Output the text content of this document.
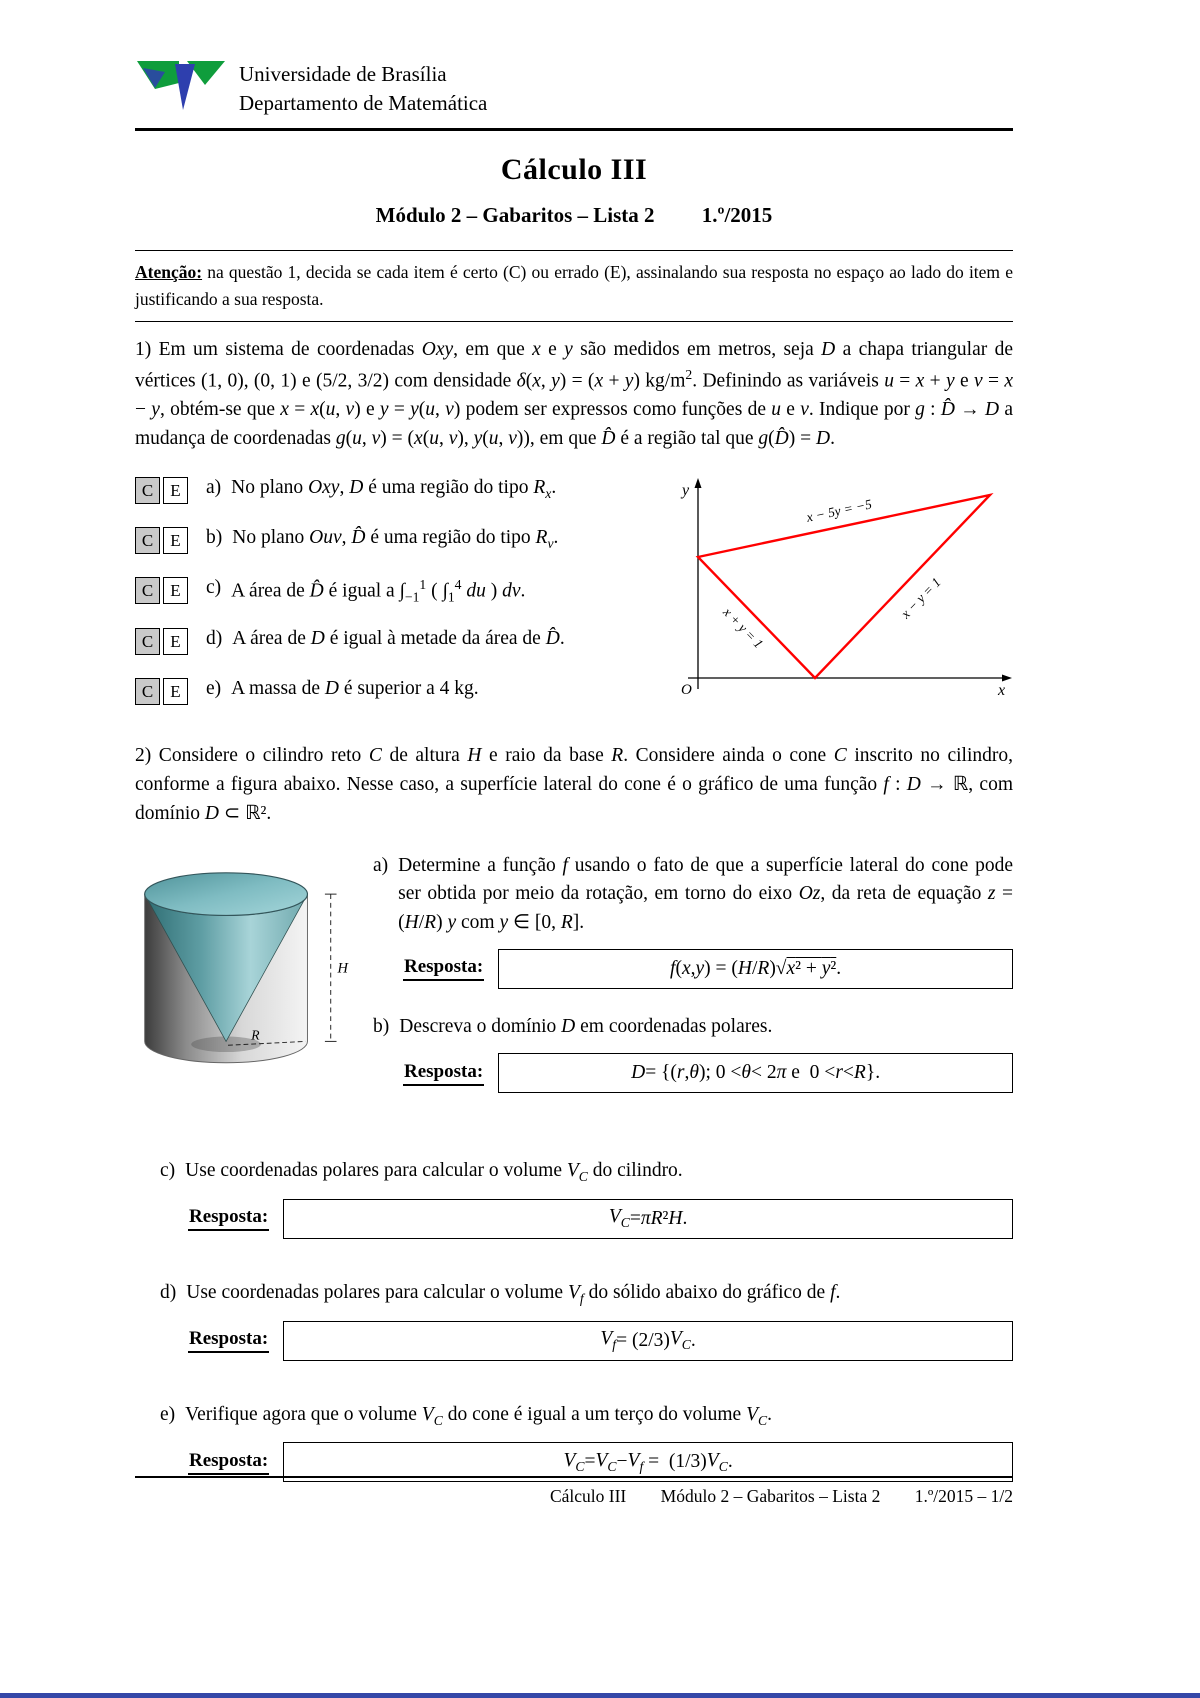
Universidade de Brasília
Departamento de Matemática
Cálculo III
Módulo 2 – Gabaritos – Lista 2 1.º/2015

Atenção: na questão 1, decida se cada item é certo (C) ou errado (E), assinalando sua resposta no espaço ao lado do item e justificando a sua resposta.

1) Em um sistema de coordenadas Oxy, em que x e y são medidos em metros, seja D a chapa triangular de vértices (1, 0), (0, 1) e (5/2, 3/2) com densidade δ(x, y) = (x + y) $kg/m^2$. Definindo as variáveis u = x + y e v = x − y, obtém-se que x = x(u, v) e y = y(u, v) podem ser expressos como funções de u e v. Indique por g : D̂ → D a mudança de coordenadas g(u, v) = (x(u, v), y(u, v)), em que D̂ é a região tal que g(D̂) = D.

C	E	a) No plano Oxy, D é uma região do tipo $R_x$.
C	E	b) No plano Ouv, D̂ é uma região do tipo $R_v$.
C	E	c) A área de D̂ é igual a $\int_{-1}^1$ ( $\int_1^4$ du ) dv.
C	E	d) A área de D é igual à metade da área de D̂.
C	E	e) A massa de D é superior a 4 kg.
y
x
O
x − 5y = −5
x − y = 1
x + y = 1

2) Considere o cilindro reto C de altura H e raio da base R. Considere ainda o cone C inscrito no cilindro, conforme a figura abaixo. Nesse caso, a superfície lateral do cone é o gráfico de uma função f : D → ℝ, com domínio D ⊂ ℝ².

R
H
a) Determine a função f usando o fato de que a superfície lateral do cone pode ser obtida por meio da rotação, em torno do eixo Oz, da reta de equação z = (H/R) y com y ∈ [0, R].
Resposta:	f ( x , y ) = ( H / R )√ x² + y² .
b) Descreva o domínio D em coordenadas polares.
Resposta:	D = {( r , θ ); 0 < θ < 2 π e  0 < r < R }.
c) Use coordenadas polares para calcular o volume $V_C$ do cilindro.
Resposta:	$V_C = \pi R$ ² H .
d) Use coordenadas polares para calcular o volume $V_f$ do sólido abaixo do gráfico de f.
Resposta:	$V_f = (2/3)$ $V_C$ .
e) Verifique agora que o volume $V_C$ do cone é igual a um terço do volume $V_C$.
Resposta:	$V_C = V_C - V_f = (1/3)$ $V_C$ .
Cálculo III Módulo 2 – Gabaritos – Lista 2 1.º/2015 – 1/2
